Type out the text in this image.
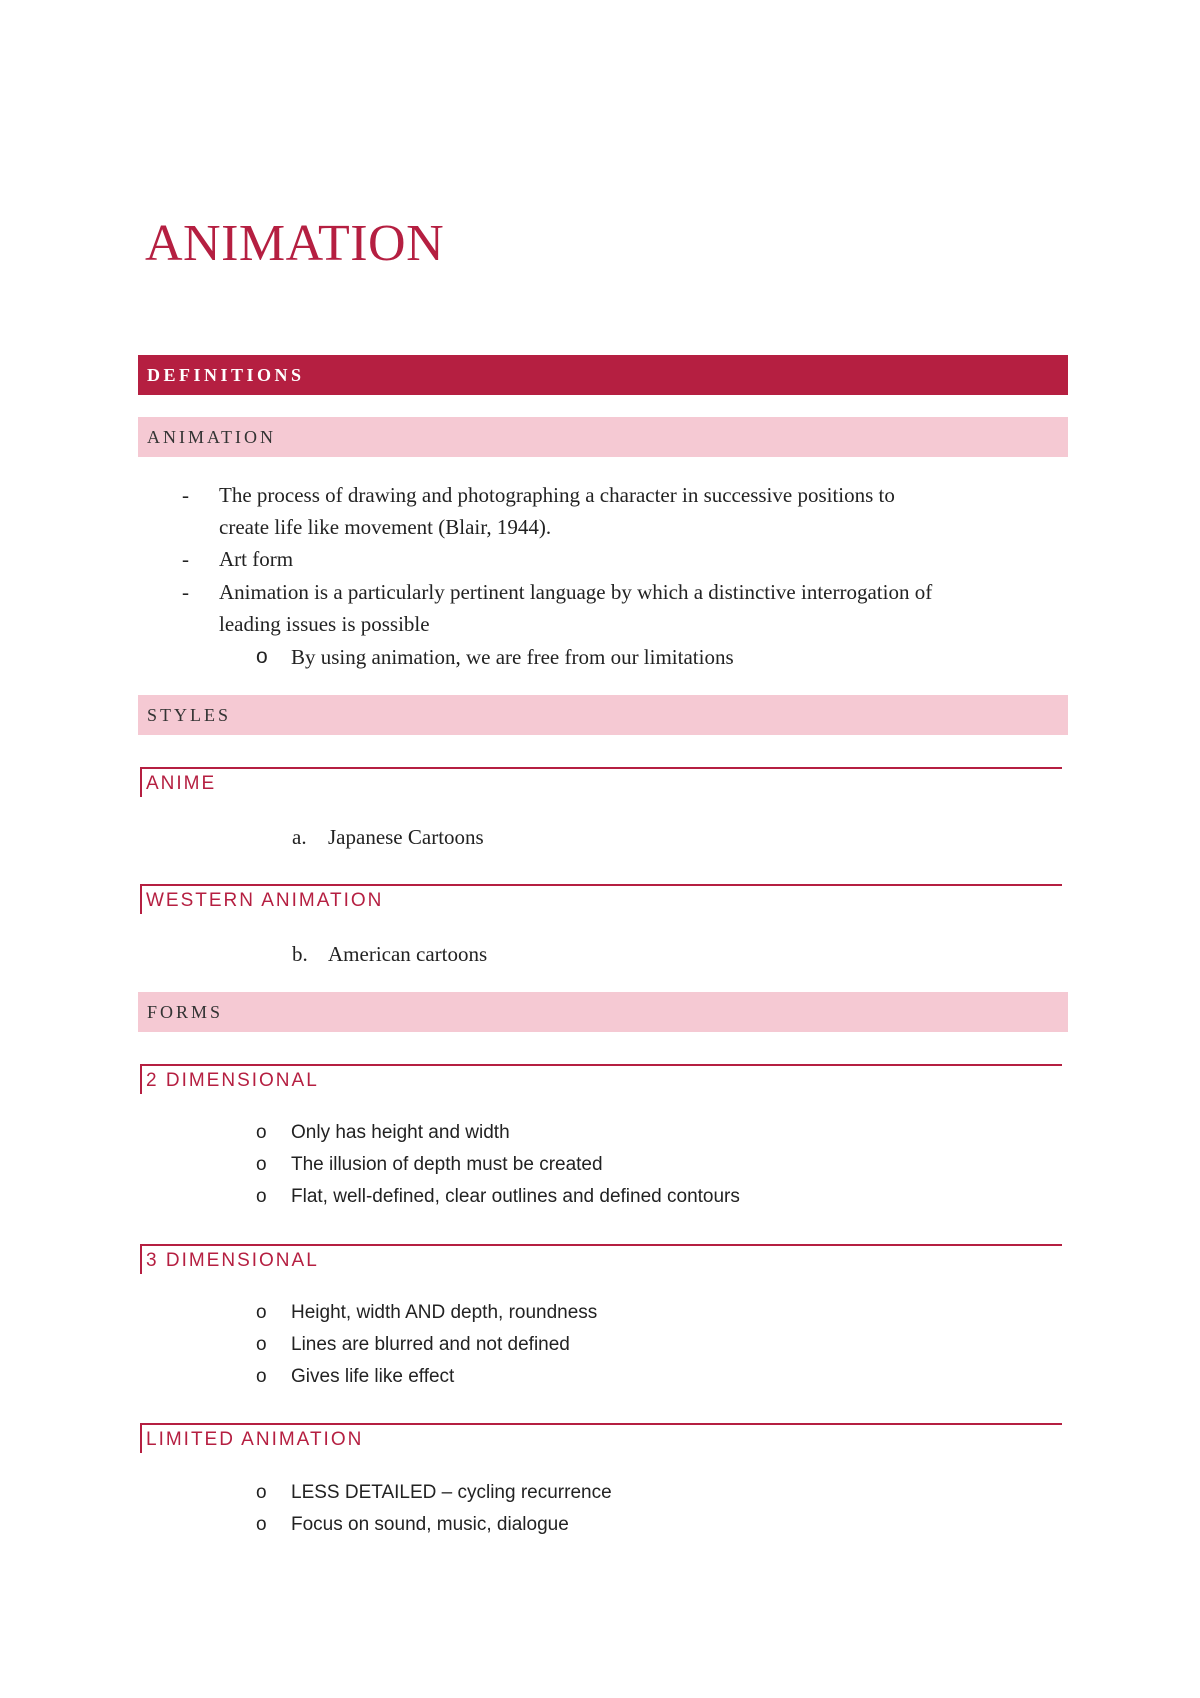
ANIMATION
DEFINITIONS
ANIMATION
- The process of drawing and photographing a character in successive positions to
create life like movement (Blair, 1944).
- Art form
- Animation is a particularly pertinent language by which a distinctive interrogation of
leading issues is possible
o By using animation, we are free from our limitations
STYLES
ANIME
a. Japanese Cartoons
WESTERN ANIMATION
b. American cartoons
FORMS
2 DIMENSIONAL
o Only has height and width
o The illusion of depth must be created
o Flat, well-defined, clear outlines and defined contours
3 DIMENSIONAL
o Height, width AND depth, roundness
o Lines are blurred and not defined
o Gives life like effect
LIMITED ANIMATION
o LESS DETAILED – cycling recurrence
o Focus on sound, music, dialogue
